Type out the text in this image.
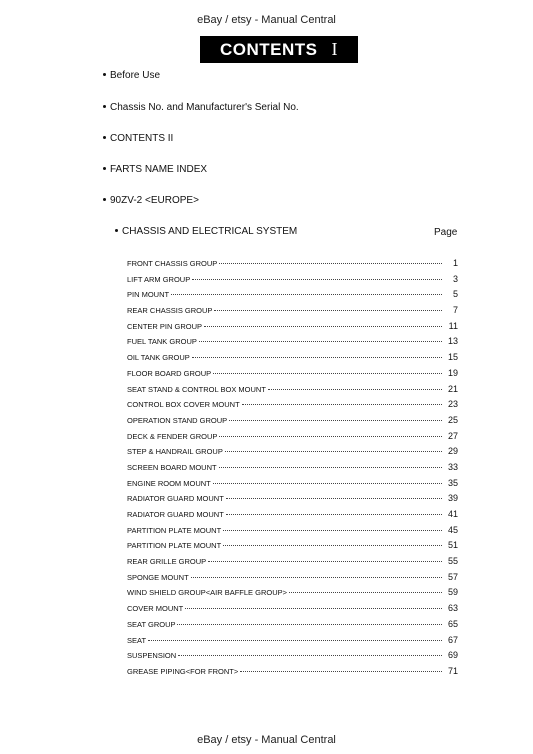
eBay / etsy - Manual Central
CONTENTS I
Before Use
Chassis No. and Manufacturer's Serial No.
CONTENTS II
FARTS NAME INDEX
90ZV-2 <EUROPE>
CHASSIS AND ELECTRICAL SYSTEM	Page
FRONT CHASSIS GROUP	1
LIFT ARM GROUP	3
PIN MOUNT	5
REAR CHASSIS GROUP	7
CENTER PIN GROUP	11
FUEL TANK GROUP	13
OIL TANK GROUP	15
FLOOR BOARD GROUP	19
SEAT STAND & CONTROL BOX MOUNT	21
CONTROL BOX COVER MOUNT	23
OPERATION STAND GROUP	25
DECK & FENDER GROUP	27
STEP & HANDRAIL GROUP	29
SCREEN BOARD MOUNT	33
ENGINE ROOM MOUNT	35
RADIATOR GUARD MOUNT	39
RADIATOR GUARD MOUNT	41
PARTITION PLATE MOUNT	45
PARTITION PLATE MOUNT	51
REAR GRILLE GROUP	55
SPONGE MOUNT	57
WIND SHIELD GROUP<AIR BAFFLE GROUP>	59
COVER MOUNT	63
SEAT GROUP	65
SEAT	67
SUSPENSION	69
GREASE PIPING<FOR FRONT>	71
eBay / etsy - Manual Central
